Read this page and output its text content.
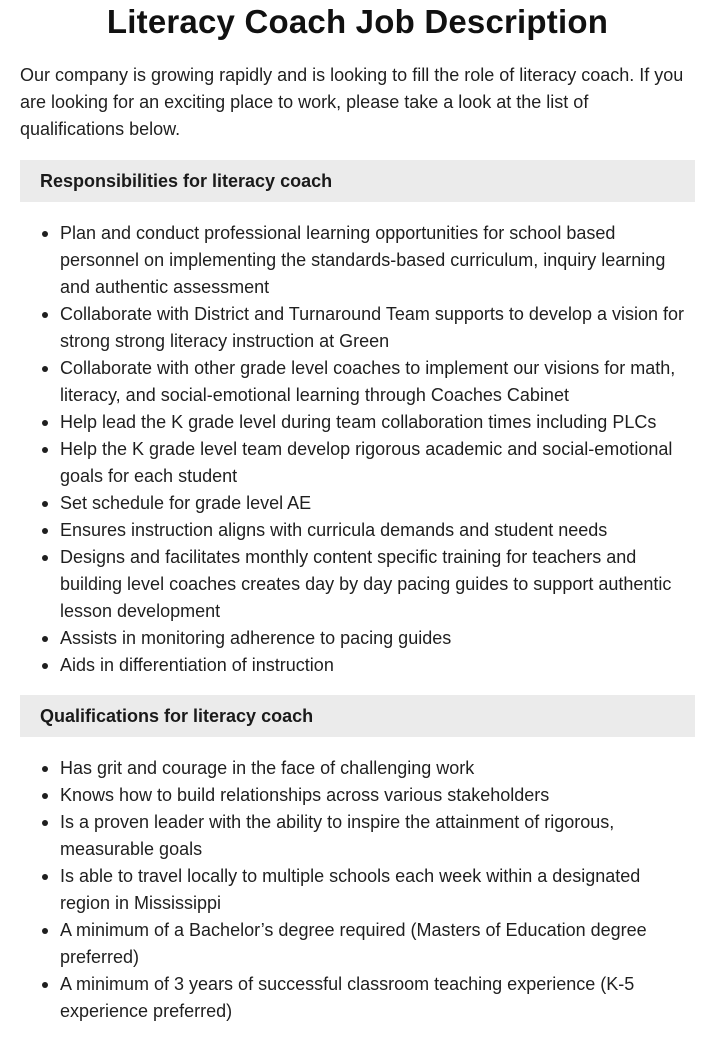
Literacy Coach Job Description

Our company is growing rapidly and is looking to fill the role of literacy coach. If you are looking for an exciting place to work, please take a look at the list of qualifications below.

Responsibilities for literacy coach
Plan and conduct professional learning opportunities for school based personnel on implementing the standards-based curriculum, inquiry learning and authentic assessment
Collaborate with District and Turnaround Team supports to develop a vision for strong strong literacy instruction at Green
Collaborate with other grade level coaches to implement our visions for math, literacy, and social-emotional learning through Coaches Cabinet
Help lead the K grade level during team collaboration times including PLCs
Help the K grade level team develop rigorous academic and social-emotional goals for each student
Set schedule for grade level AE
Ensures instruction aligns with curricula demands and student needs
Designs and facilitates monthly content specific training for teachers and building level coaches creates day by day pacing guides to support authentic lesson development
Assists in monitoring adherence to pacing guides
Aids in differentiation of instruction
Qualifications for literacy coach
Has grit and courage in the face of challenging work
Knows how to build relationships across various stakeholders
Is a proven leader with the ability to inspire the attainment of rigorous, measurable goals
Is able to travel locally to multiple schools each week within a designated region in Mississippi
A minimum of a Bachelor’s degree required (Masters of Education degree preferred)
A minimum of 3 years of successful classroom teaching experience (K-5 experience preferred)
